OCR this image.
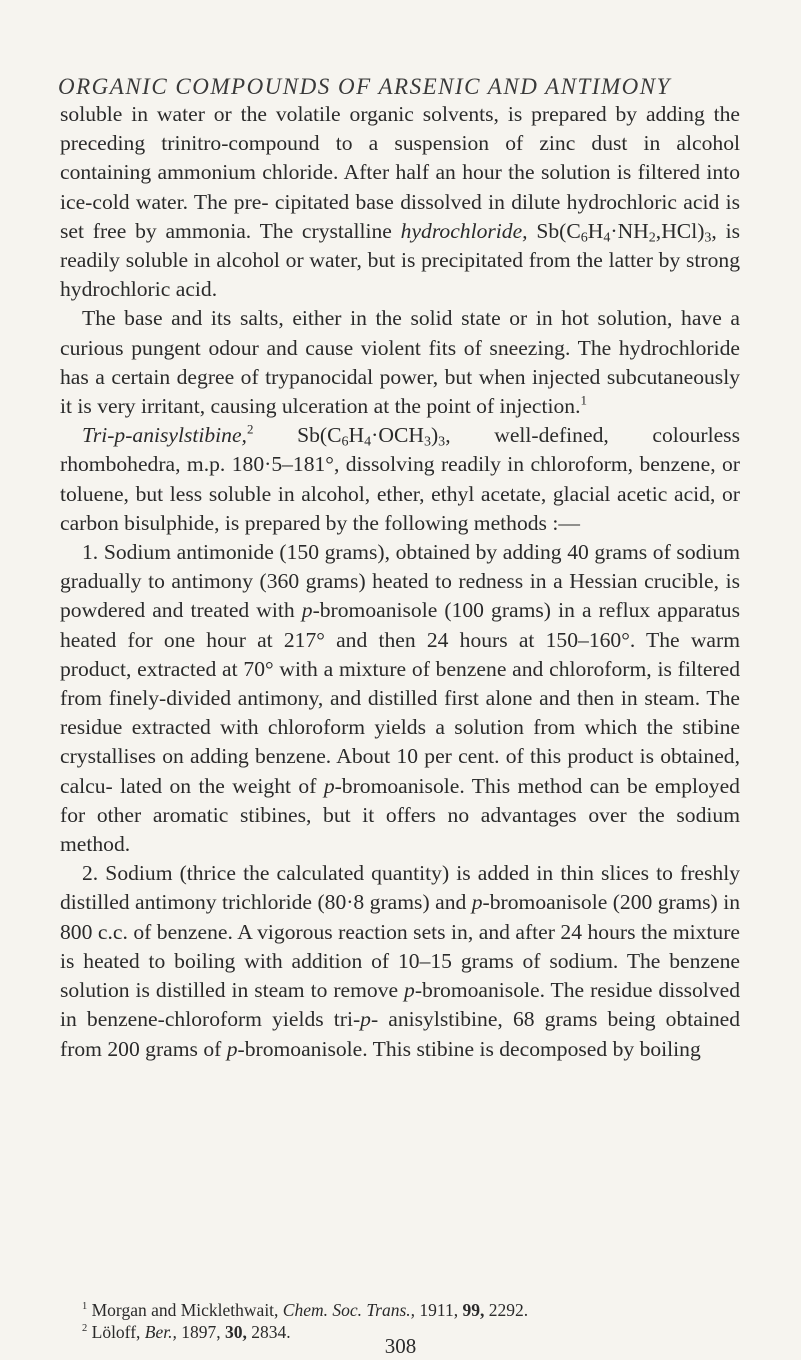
ORGANIC COMPOUNDS OF ARSENIC AND ANTIMONY

soluble in water or the volatile organic solvents, is prepared by adding the preceding trinitro-compound to a suspension of zinc dust in alcohol containing ammonium chloride. After half an hour the solution is filtered into ice-cold water. The pre- cipitated base dissolved in dilute hydrochloric acid is set free by ammonia. The crystalline hydrochloride, $Sb(C_6H_4\cdot NH_2,HCl)_3$, is readily soluble in alcohol or water, but is precipitated from the latter by strong hydrochloric acid.

The base and its salts, either in the solid state or in hot solution, have a curious pungent odour and cause violent fits of sneezing. The hydrochloride has a certain degree of trypanocidal power, but when injected subcutaneously it is very irritant, causing ulceration at the point of injection.$^1$

Tri-p-anisylstibine,$^2$ $Sb(C_6H_4\cdot OCH_3)_3$, well-defined, colourless rhombohedra, m.p. 180·5–181°, dissolving readily in chloroform, benzene, or toluene, but less soluble in alcohol, ether, ethyl acetate, glacial acetic acid, or carbon bisulphide, is prepared by the following methods :—

1. Sodium antimonide (150 grams), obtained by adding 40 grams of sodium gradually to antimony (360 grams) heated to redness in a Hessian crucible, is powdered and treated with p-bromoanisole (100 grams) in a reflux apparatus heated for one hour at 217° and then 24 hours at 150–160°. The warm product, extracted at 70° with a mixture of benzene and chloroform, is filtered from finely-divided antimony, and distilled first alone and then in steam. The residue extracted with chloroform yields a solution from which the stibine crystallises on adding benzene. About 10 per cent. of this product is obtained, calcu- lated on the weight of p-bromoanisole. This method can be employed for other aromatic stibines, but it offers no advantages over the sodium method.

2. Sodium (thrice the calculated quantity) is added in thin slices to freshly distilled antimony trichloride (80·8 grams) and p-bromoanisole (200 grams) in 800 c.c. of benzene. A vigorous reaction sets in, and after 24 hours the mixture is heated to boiling with addition of 10–15 grams of sodium. The benzene solution is distilled in steam to remove p-bromoanisole. The residue dissolved in benzene-chloroform yields tri-p- anisylstibine, 68 grams being obtained from 200 grams of p-bromoanisole. This stibine is decomposed by boiling

$^1$ Morgan and Micklethwait, Chem. Soc. Trans., 1911, 99, 2292.

$^2$ Löloff, Ber., 1897, 30, 2834.

308
